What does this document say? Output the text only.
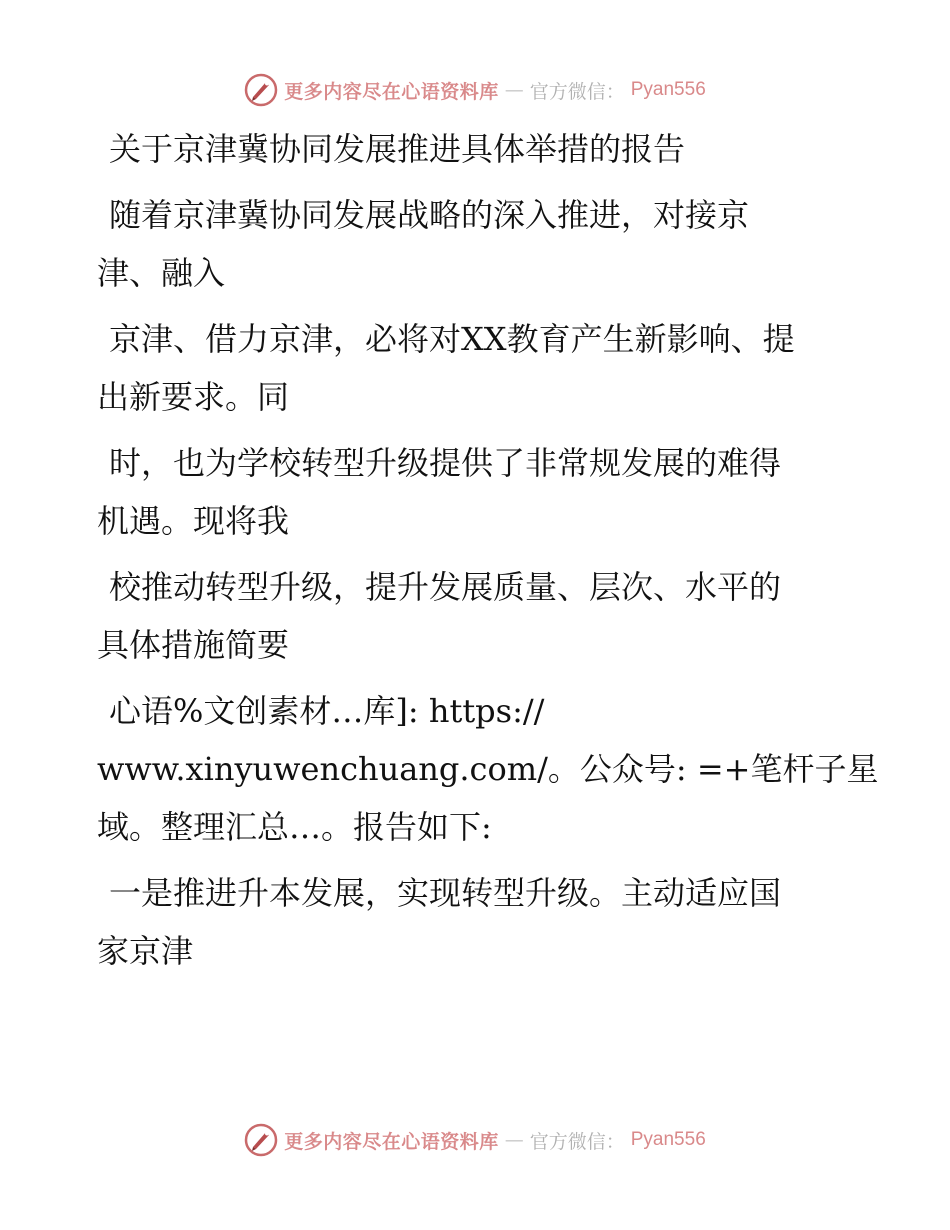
更多内容尽在心语资料库 — 官方微信： Pyan556
关于京津冀协同发展推进具体举措的报告
随着京津冀协同发展战略的深入推进，对接京
津、融入
京津、借力京津，必将对XX教育产生新影响、提
出新要求。同
时，也为学校转型升级提供了非常规发展的难得
机遇。现将我
校推动转型升级，提升发展质量、层次、水平的
具体措施简要
心语%文创素材…库]: https://
www.xinyuwenchuang.com/。公众号: =+笔杆子星
域。整理汇总…。报告如下:
一是推进升本发展，实现转型升级。主动适应国
家京津
更多内容尽在心语资料库 — 官方微信： Pyan556
